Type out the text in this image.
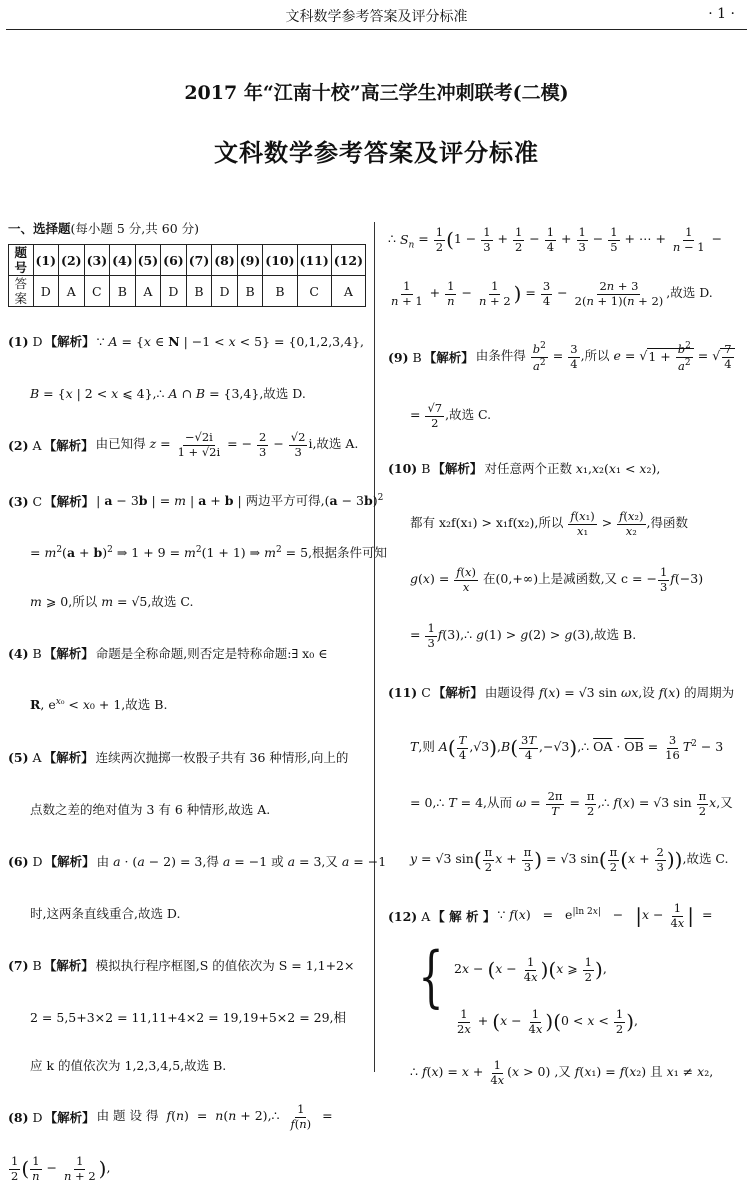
文科数学参考答案及评分标准	· 1 ·
2017 年“江南十校”高三学生冲刺联考(二模)
文科数学参考答案及评分标准
一、选择题 (每小题 5 分,共 60 分)
题号	(1)	(2)	(3)	(4)	(5)	(6)	(7)	(8)	(9)	(10)	(11)	(12)
答案	D	A	C	B	A	D	B	D	B	B	C	A
(1) D 【解析】 ∵ A = {x ∈ N | −1 < x < 5} = {0,1,2,3,4},
B = {x | 2 < x ⩽ 4},∴ A ∩ B = {3,4},故选 D.
(2) A 【解析】 由已知得 $z = \frac{-√2i}{1 + √2i}$ = − $\frac{2}{3} - \frac{√2}{3} i$,故选 A.
(3) C 【解析】 | a − 3b | = m | a + b | 两边平方可得$,(a - 3b)^2$
= $m^2(a + b)^2$ ⇒ $1 + 9 = m^2(1 + 1)$ ⇒ $m^2 = 5$,根据条件可知
m ⩾ 0,所以 m = √5,故选 C.
(4) B 【解析】 命题是全称命题,则否定是特称命题:∃ x₀ ∈
R, $e^{x_0} < x_0 + 1$,故选 B.
(5) A 【解析】 连续两次抛掷一枚骰子共有 36 种情形,向上的
点数之差的绝对值为 3 有 6 种情形,故选 A.
(6) D 【解析】 由 a · (a − 2) = 3,得 a = −1 或 a = 3,又 a = −1
时,这两条直线重合,故选 D.
(7) B 【解析】 模拟执行程序框图,S 的值依次为 S = 1,1+2×
2 = 5,5+3×2 = 11,11+4×2 = 19,19+5×2 = 29,相
应 k 的值依次为 1,2,3,4,5,故选 B.
(8) D 【解析】 由 题 设 得  f(n)  =  n(n + 2),∴ $\frac{1}{f(n)}$ =
$\frac{1}{2}$ ( $\frac{1}{n} - \frac{1}{n + 2}$ ),
∴ $S_n = \frac{1}{2} (1 - \frac{1}{3} + \frac{1}{2} - \frac{1}{4} + \frac{1}{3} - \frac{1}{5}$ + ⋯ + $\frac{1}{n - 1}$ −
$\frac{1}{n + 1} + \frac{1}{n} - \frac{1}{n + 2}$ ) = $\frac{3}{4} - \frac{2n + 3}{2(n + 1)(n + 2)}$ ,故选 D.
(9) B 【解析】 由条件得 $\frac{b^2}{a^2} = \frac{3}{4}$ ,所以 $e = √1 + \frac{b^2}{a^2}$ = √ $\frac{7}{4}$
= $\frac{√7}{2}$ ,故选 C.
(10) B 【解析】 对任意两个正数 x₁,x₂(x₁ < x₂),
都有 x₂f(x₁) > x₁f(x₂),所以 $\frac{\text{f(x₁)}}{\text{x₁}} > \frac{\text{f(x₂)}}{\text{x₂}}$ ,得函数
$g(x) = \frac{f(x)}{x}$ 在(0,+∞)上是减函数,又 c = − $\frac{1}{3} f(-3)$
= $\frac{1}{3}$ f(3),∴ g(1) > g(2) > g(3),故选 B.
(11) C 【解析】 由题设得 f(x) = √3 sin ωx,设 f(x) 的周期为
T,则 $A( \frac{T}{4} ,√3),B( \frac{3T}{4}$ ,−√3),∴ $\overline{OA} \cdot \overline{OB} = \frac{3}{16} T^2 - 3$
= 0,∴ T = 4,从而 $\omega = \frac{2\pi}{T} = \frac{\pi}{2}$ ,∴ f(x) = √3 $\sin \frac{\pi}{2} x$,又
y = √3 $\sin( \frac{\pi}{2}$ $x + \frac{\pi}{3}$ ) = √3 $\sin( \frac{\pi}{2} (x + \frac{2}{3}$ )),故选 C.
(12) A 【 解 析 】 ∵ $f(x) = e^{|ln 2x|} - |x - \frac{1}{4x}$ |  =
{ $2x - (x - \frac{1}{4x} )(x$ ⩾ $\frac{1}{2}$ ),
$\frac{1}{2x} + (x - \frac{1}{4x} )(0 < x < \frac{1}{2}$ ),
∴ $f(x) = x + \frac{1}{4x} (x > 0)$ ,又 f(x₁) = f(x₂) 且 x₁ ≠ x₂,
